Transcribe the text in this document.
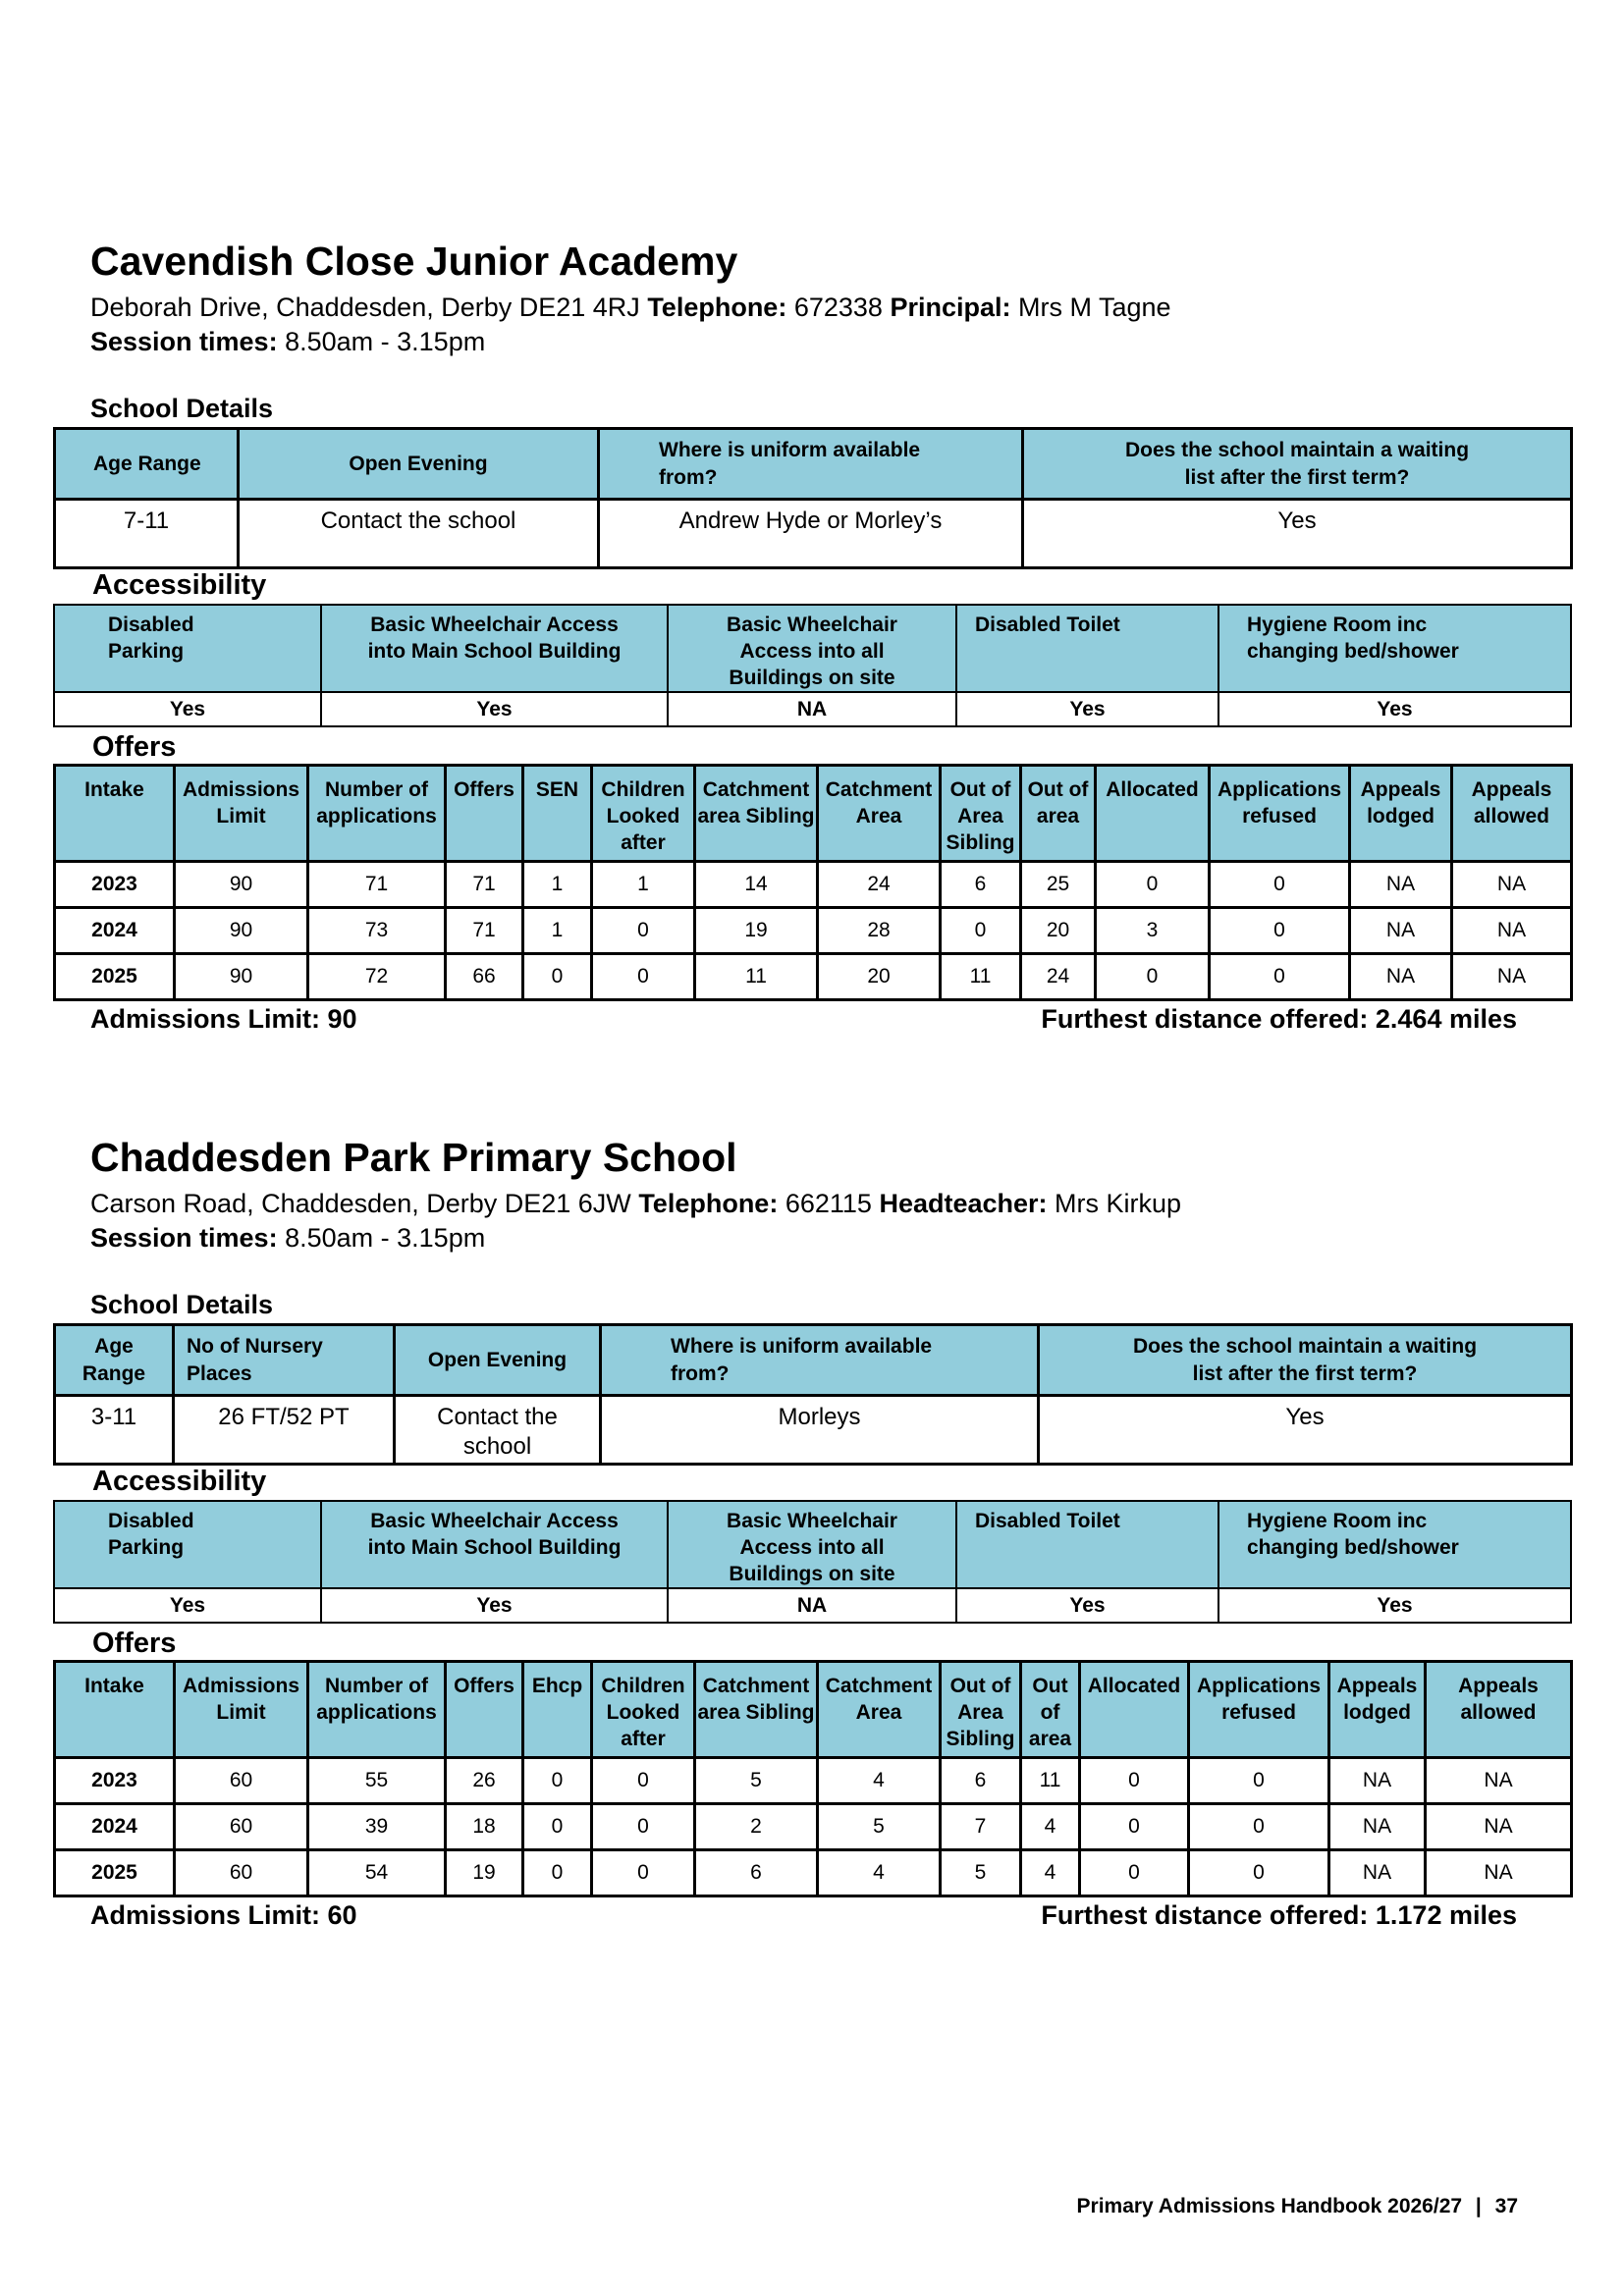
Cavendish Close Junior Academy
Deborah Drive, Chaddesden, Derby DE21 4RJ Telephone: 672338 Principal: Mrs M Tagne
Session times: 8.50am - 3.15pm
School Details
Age Range	Open Evening	Where is uniform available from?	Does the school maintain a waiting list after the first term?
7-11	Contact the school	Andrew Hyde or Morley’s	Yes
Accessibility
Disabled Parking	Basic Wheelchair Access into Main School Building	Basic Wheelchair Access into all Buildings on site	Disabled Toilet	Hygiene Room inc changing bed/shower
Yes	Yes	NA	Yes	Yes
Offers
Intake	Admissions Limit	Number of applications	Offers	SEN	Children Looked after	Catchment area Sibling	Catchment Area	Out of Area Sibling	Out of area	Allocated	Applications refused	Appeals lodged	Appeals allowed
2023	90	71	71	1	1	14	24	6	25	0	0	NA	NA
2024	90	73	71	1	0	19	28	0	20	3	0	NA	NA
2025	90	72	66	0	0	11	20	11	24	0	0	NA	NA
Admissions Limit: 90	Furthest distance offered: 2.464 miles
Chaddesden Park Primary School
Carson Road, Chaddesden, Derby DE21 6JW Telephone: 662115 Headteacher: Mrs Kirkup
Session times: 8.50am - 3.15pm
School Details
Age Range	No of Nursery Places	Open Evening	Where is uniform available from?	Does the school maintain a waiting list after the first term?
3-11	26 FT/52 PT	Contact the school	Morleys	Yes
Accessibility
Disabled Parking	Basic Wheelchair Access into Main School Building	Basic Wheelchair Access into all Buildings on site	Disabled Toilet	Hygiene Room inc changing bed/shower
Yes	Yes	NA	Yes	Yes
Offers
Intake	Admissions Limit	Number of applications	Offers	Ehcp	Children Looked after	Catchment area Sibling	Catchment Area	Out of Area Sibling	Out of area	Allocated	Applications refused	Appeals lodged	Appeals allowed
2023	60	55	26	0	0	5	4	6	11	0	0	NA	NA
2024	60	39	18	0	0	2	5	7	4	0	0	NA	NA
2025	60	54	19	0	0	6	4	5	4	0	0	NA	NA
Admissions Limit: 60	Furthest distance offered: 1.172 miles
Primary Admissions Handbook 2026/27 | 37
